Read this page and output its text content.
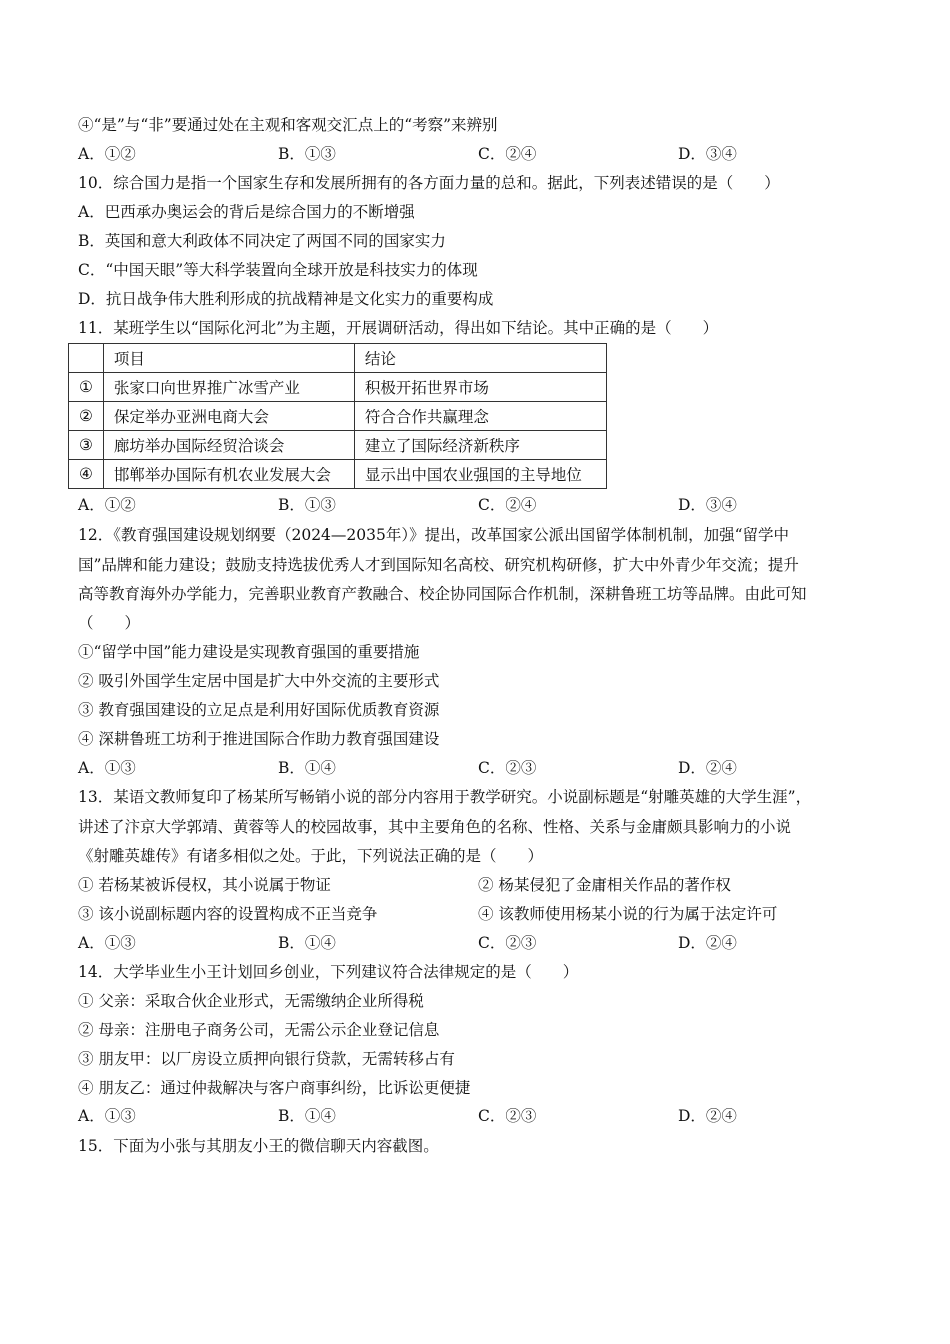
④“是”与“非”要通过处在主观和客观交汇点上的“考察”来辨别
A．①②	B．①③	C．②④	D．③④
10．综合国力是指一个国家生存和发展所拥有的各方面力量的总和。据此，下列表述错误的是（　　）
A．巴西承办奥运会的背后是综合国力的不断增强
B．英国和意大利政体不同决定了两国不同的国家实力
C．“中国天眼”等大科学装置向全球开放是科技实力的体现
D．抗日战争伟大胜利形成的抗战精神是文化实力的重要构成
11．某班学生以“国际化河北”为主题，开展调研活动，得出如下结论。其中正确的是（　　）
	项目	结论
①	张家口向世界推广冰雪产业	积极开拓世界市场
②	保定举办亚洲电商大会	符合合作共赢理念
③	廊坊举办国际经贸洽谈会	建立了国际经济新秩序
④	邯郸举办国际有机农业发展大会	显示出中国农业强国的主导地位
A．①②	B．①③	C．②④	D．③④
12．《教育强国建设规划纲要（2024—2035年）》提出，改革国家公派出国留学体制机制，加强“留学中
国”品牌和能力建设；鼓励支持选拔优秀人才到国际知名高校、研究机构研修，扩大中外青少年交流；提升
高等教育海外办学能力，完善职业教育产教融合、校企协同国际合作机制，深耕鲁班工坊等品牌。由此可知
（　　）
①“留学中国”能力建设是实现教育强国的重要措施
② 吸引外国学生定居中国是扩大中外交流的主要形式
③ 教育强国建设的立足点是利用好国际优质教育资源
④ 深耕鲁班工坊利于推进国际合作助力教育强国建设
A．①③	B．①④	C．②③	D．②④
13．某语文教师复印了杨某所写畅销小说的部分内容用于教学研究。小说副标题是“射雕英雄的大学生涯”，
讲述了汴京大学郭靖、黄蓉等人的校园故事，其中主要角色的名称、性格、关系与金庸颇具影响力的小说
《射雕英雄传》有诸多相似之处。于此，下列说法正确的是（　　）
① 若杨某被诉侵权，其小说属于物证	② 杨某侵犯了金庸相关作品的著作权
③ 该小说副标题内容的设置构成不正当竞争	④ 该教师使用杨某小说的行为属于法定许可
A．①③	B．①④	C．②③	D．②④
14．大学毕业生小王计划回乡创业，下列建议符合法律规定的是（　　）
① 父亲：采取合伙企业形式，无需缴纳企业所得税
② 母亲：注册电子商务公司，无需公示企业登记信息
③ 朋友甲：以厂房设立质押向银行贷款，无需转移占有
④ 朋友乙：通过仲裁解决与客户商事纠纷，比诉讼更便捷
A．①③	B．①④	C．②③	D．②④
15．下面为小张与其朋友小王的微信聊天内容截图。
